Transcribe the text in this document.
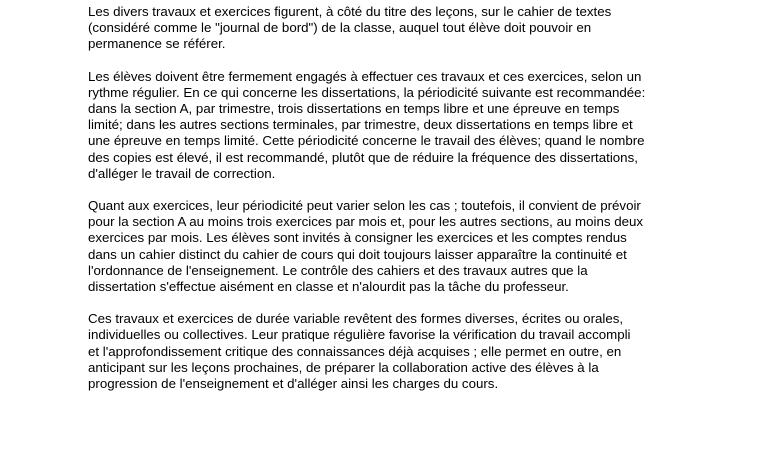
Les divers travaux et exercices figurent, à côté du titre des leçons, sur le cahier de textes
(considéré comme le "journal de bord") de la classe, auquel tout élève doit pouvoir en
permanence se référer.

Les élèves doivent être fermement engagés à effectuer ces travaux et ces exercices, selon un
rythme régulier. En ce qui concerne les dissertations, la périodicité suivante est recommandée:
dans la section A, par trimestre, trois dissertations en temps libre et une épreuve en temps
limité; dans les autres sections terminales, par trimestre, deux dissertations en temps libre et
une épreuve en temps limité. Cette périodicité concerne le travail des élèves; quand le nombre
des copies est élevé, il est recommandé, plutôt que de réduire la fréquence des dissertations,
d'alléger le travail de correction.

Quant aux exercices, leur périodicité peut varier selon les cas ; toutefois, il convient de prévoir
pour la section A au moins trois exercices par mois et, pour les autres sections, au moins deux
exercices par mois. Les élèves sont invités à consigner les exercices et les comptes rendus
dans un cahier distinct du cahier de cours qui doit toujours laisser apparaître la continuité et
l'ordonnance de l'enseignement. Le contrôle des cahiers et des travaux autres que la
dissertation s'effectue aisément en classe et n'alourdit pas la tâche du professeur.

Ces travaux et exercices de durée variable revêtent des formes diverses, écrites ou orales,
individuelles ou collectives. Leur pratique régulière favorise la vérification du travail accompli
et l'approfondissement critique des connaissances déjà acquises ; elle permet en outre, en
anticipant sur les leçons prochaines, de préparer la collaboration active des élèves à la
progression de l'enseignement et d'alléger ainsi les charges du cours.
